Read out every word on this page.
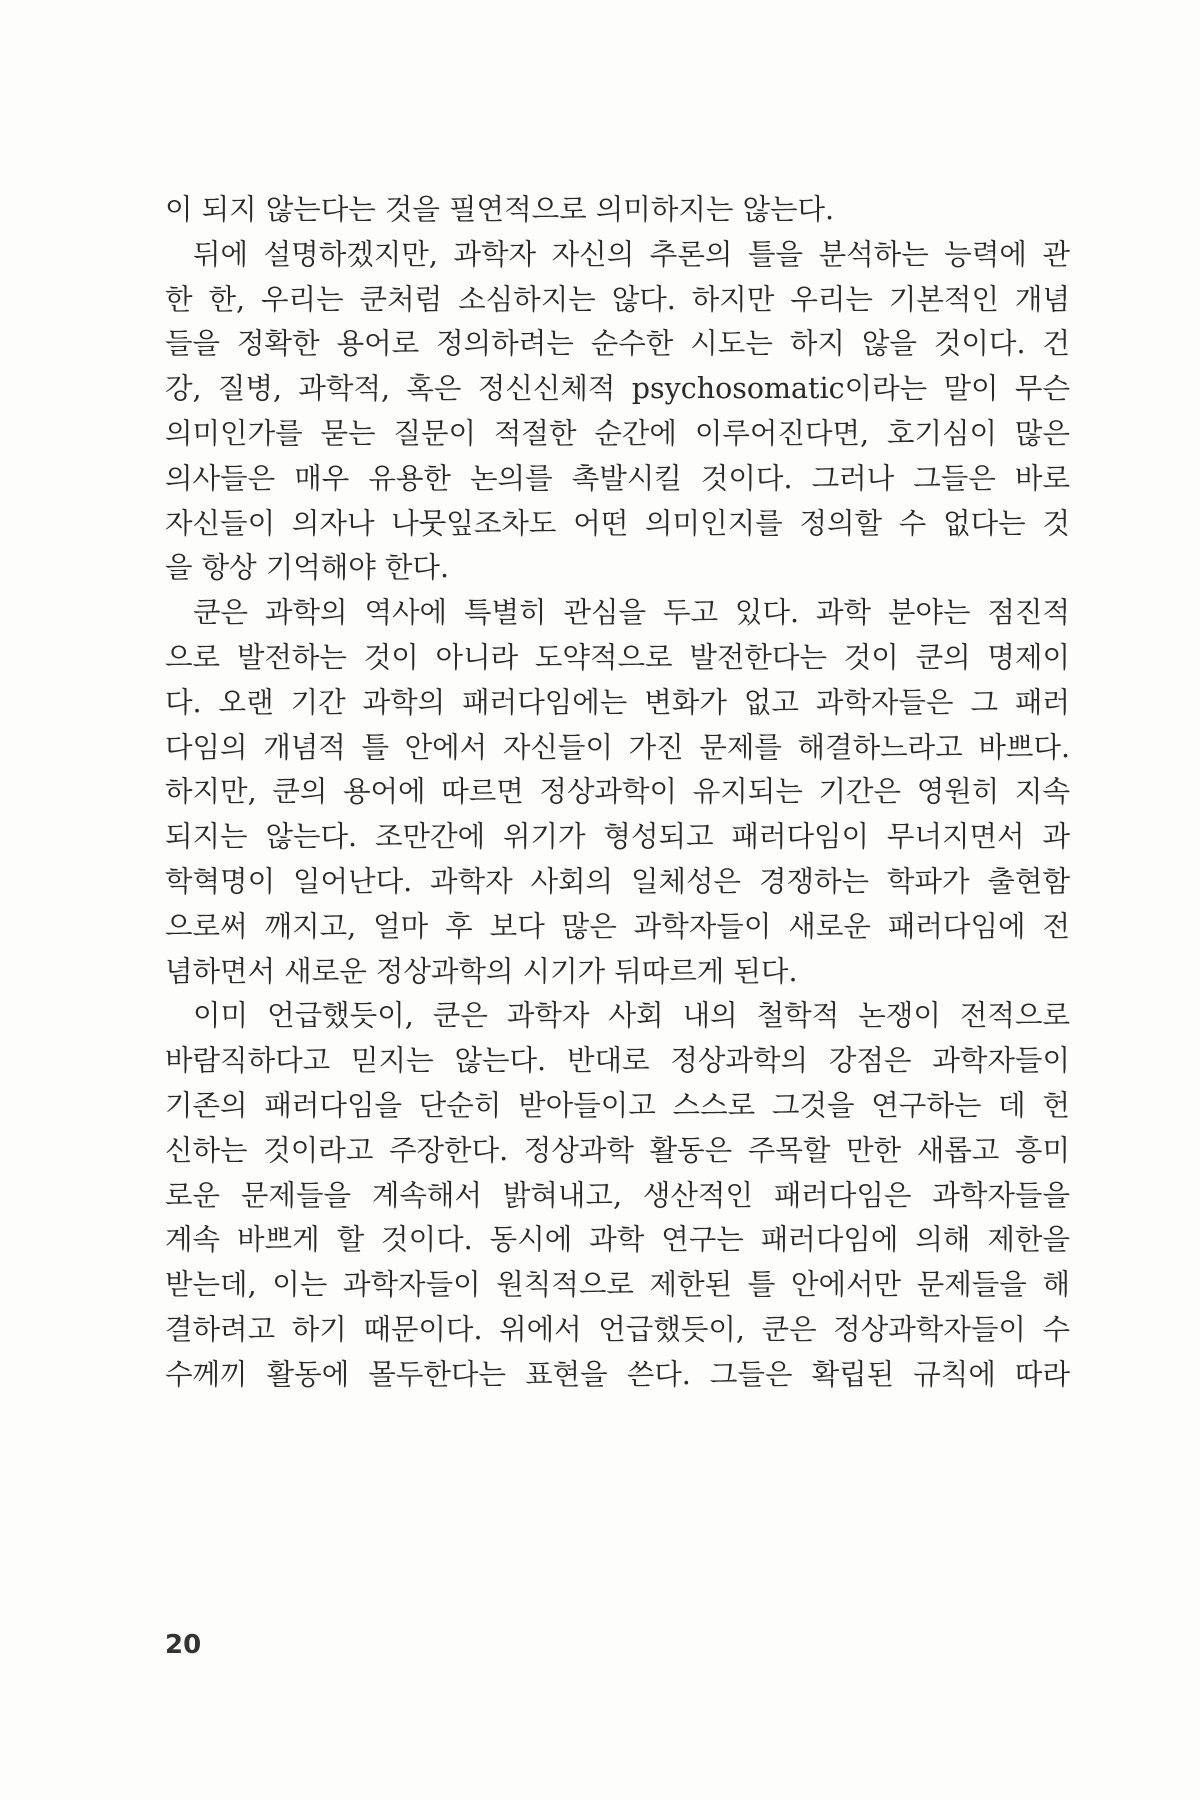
이 되지 않는다는 것을 필연적으로 의미하지는 않는다.
뒤에 설명하겠지만, 과학자 자신의 추론의 틀을 분석하는 능력에 관
한 한, 우리는 쿤처럼 소심하지는 않다. 하지만 우리는 기본적인 개념
들을 정확한 용어로 정의하려는 순수한 시도는 하지 않을 것이다. 건
강, 질병, 과학적, 혹은 정신신체적 psychosomatic이라는 말이 무슨
의미인가를 묻는 질문이 적절한 순간에 이루어진다면, 호기심이 많은
의사들은 매우 유용한 논의를 촉발시킬 것이다. 그러나 그들은 바로
자신들이 의자나 나뭇잎조차도 어떤 의미인지를 정의할 수 없다는 것
을 항상 기억해야 한다.
쿤은 과학의 역사에 특별히 관심을 두고 있다. 과학 분야는 점진적
으로 발전하는 것이 아니라 도약적으로 발전한다는 것이 쿤의 명제이
다. 오랜 기간 과학의 패러다임에는 변화가 없고 과학자들은 그 패러
다임의 개념적 틀 안에서 자신들이 가진 문제를 해결하느라고 바쁘다.
하지만, 쿤의 용어에 따르면 정상과학이 유지되는 기간은 영원히 지속
되지는 않는다. 조만간에 위기가 형성되고 패러다임이 무너지면서 과
학혁명이 일어난다. 과학자 사회의 일체성은 경쟁하는 학파가 출현함
으로써 깨지고, 얼마 후 보다 많은 과학자들이 새로운 패러다임에 전
념하면서 새로운 정상과학의 시기가 뒤따르게 된다.
이미 언급했듯이, 쿤은 과학자 사회 내의 철학적 논쟁이 전적으로
바람직하다고 믿지는 않는다. 반대로 정상과학의 강점은 과학자들이
기존의 패러다임을 단순히 받아들이고 스스로 그것을 연구하는 데 헌
신하는 것이라고 주장한다. 정상과학 활동은 주목할 만한 새롭고 흥미
로운 문제들을 계속해서 밝혀내고, 생산적인 패러다임은 과학자들을
계속 바쁘게 할 것이다. 동시에 과학 연구는 패러다임에 의해 제한을
받는데, 이는 과학자들이 원칙적으로 제한된 틀 안에서만 문제들을 해
결하려고 하기 때문이다. 위에서 언급했듯이, 쿤은 정상과학자들이 수
수께끼 활동에 몰두한다는 표현을 쓴다. 그들은 확립된 규칙에 따라
20
